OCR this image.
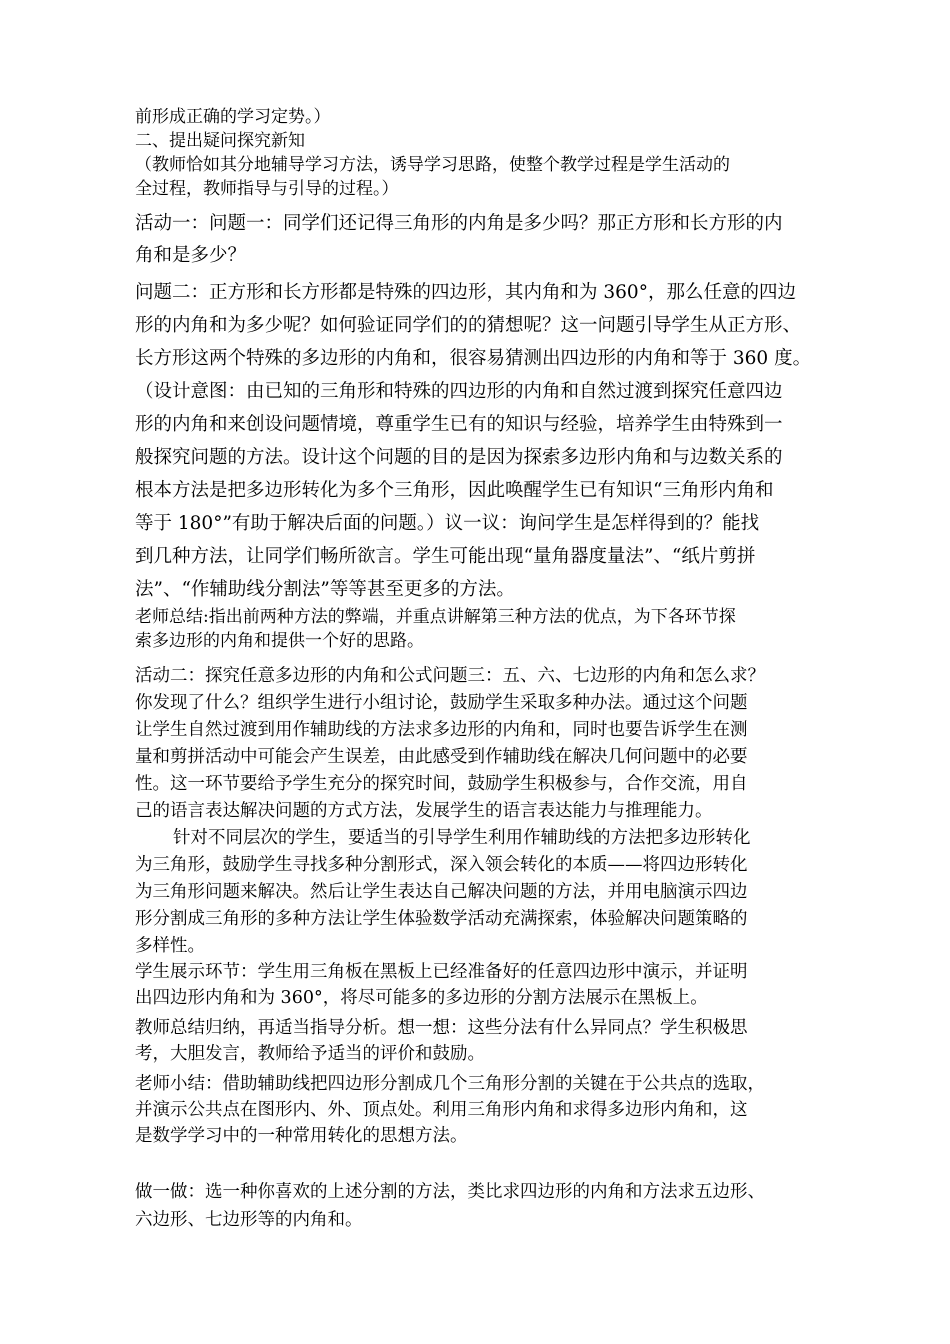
前形成正确的学习定势。）
二、提出疑问探究新知
（教师恰如其分地辅导学习方法，诱导学习思路，使整个教学过程是学生活动的
全过程，教师指导与引导的过程。）
活动一：问题一：同学们还记得三角形的内角是多少吗？那正方形和长方形的内
角和是多少？
问题二：正方形和长方形都是特殊的四边形，其内角和为 360°，那么任意的四边
形的内角和为多少呢？如何验证同学们的的猜想呢？这一问题引导学生从正方形、
长方形这两个特殊的多边形的内角和，很容易猜测出四边形的内角和等于 360 度。
（设计意图：由已知的三角形和特殊的四边形的内角和自然过渡到探究任意四边
形的内角和来创设问题情境，尊重学生已有的知识与经验，培养学生由特殊到一
般探究问题的方法。设计这个问题的目的是因为探索多边形内角和与边数关系的
根本方法是把多边形转化为多个三角形，因此唤醒学生已有知识“三角形内角和
等于 180°”有助于解决后面的问题。）议一议：询问学生是怎样得到的？能找
到几种方法，让同学们畅所欲言。学生可能出现“量角器度量法”、“纸片剪拼
法”、“作辅助线分割法”等等甚至更多的方法。
老师总结:指出前两种方法的弊端，并重点讲解第三种方法的优点，为下各环节探
索多边形的内角和提供一个好的思路。
活动二：探究任意多边形的内角和公式问题三：五、六、七边形的内角和怎么求？
你发现了什么？组织学生进行小组讨论，鼓励学生采取多种办法。通过这个问题
让学生自然过渡到用作辅助线的方法求多边形的内角和，同时也要告诉学生在测
量和剪拼活动中可能会产生误差，由此感受到作辅助线在解决几何问题中的必要
性。这一环节要给予学生充分的探究时间，鼓励学生积极参与，合作交流，用自
己的语言表达解决问题的方式方法，发展学生的语言表达能力与推理能力。
针对不同层次的学生，要适当的引导学生利用作辅助线的方法把多边形转化
为三角形，鼓励学生寻找多种分割形式，深入领会转化的本质——将四边形转化
为三角形问题来解决。然后让学生表达自己解决问题的方法，并用电脑演示四边
形分割成三角形的多种方法让学生体验数学活动充满探索，体验解决问题策略的
多样性。
学生展示环节：学生用三角板在黑板上已经准备好的任意四边形中演示，并证明
出四边形内角和为 360°，将尽可能多的多边形的分割方法展示在黑板上。
教师总结归纳，再适当指导分析。想一想：这些分法有什么异同点？学生积极思
考，大胆发言，教师给予适当的评价和鼓励。
老师小结：借助辅助线把四边形分割成几个三角形分割的关键在于公共点的选取，
并演示公共点在图形内、外、顶点处。利用三角形内角和求得多边形内角和，这
是数学学习中的一种常用转化的思想方法。
做一做：选一种你喜欢的上述分割的方法，类比求四边形的内角和方法求五边形、
六边形、七边形等的内角和。
